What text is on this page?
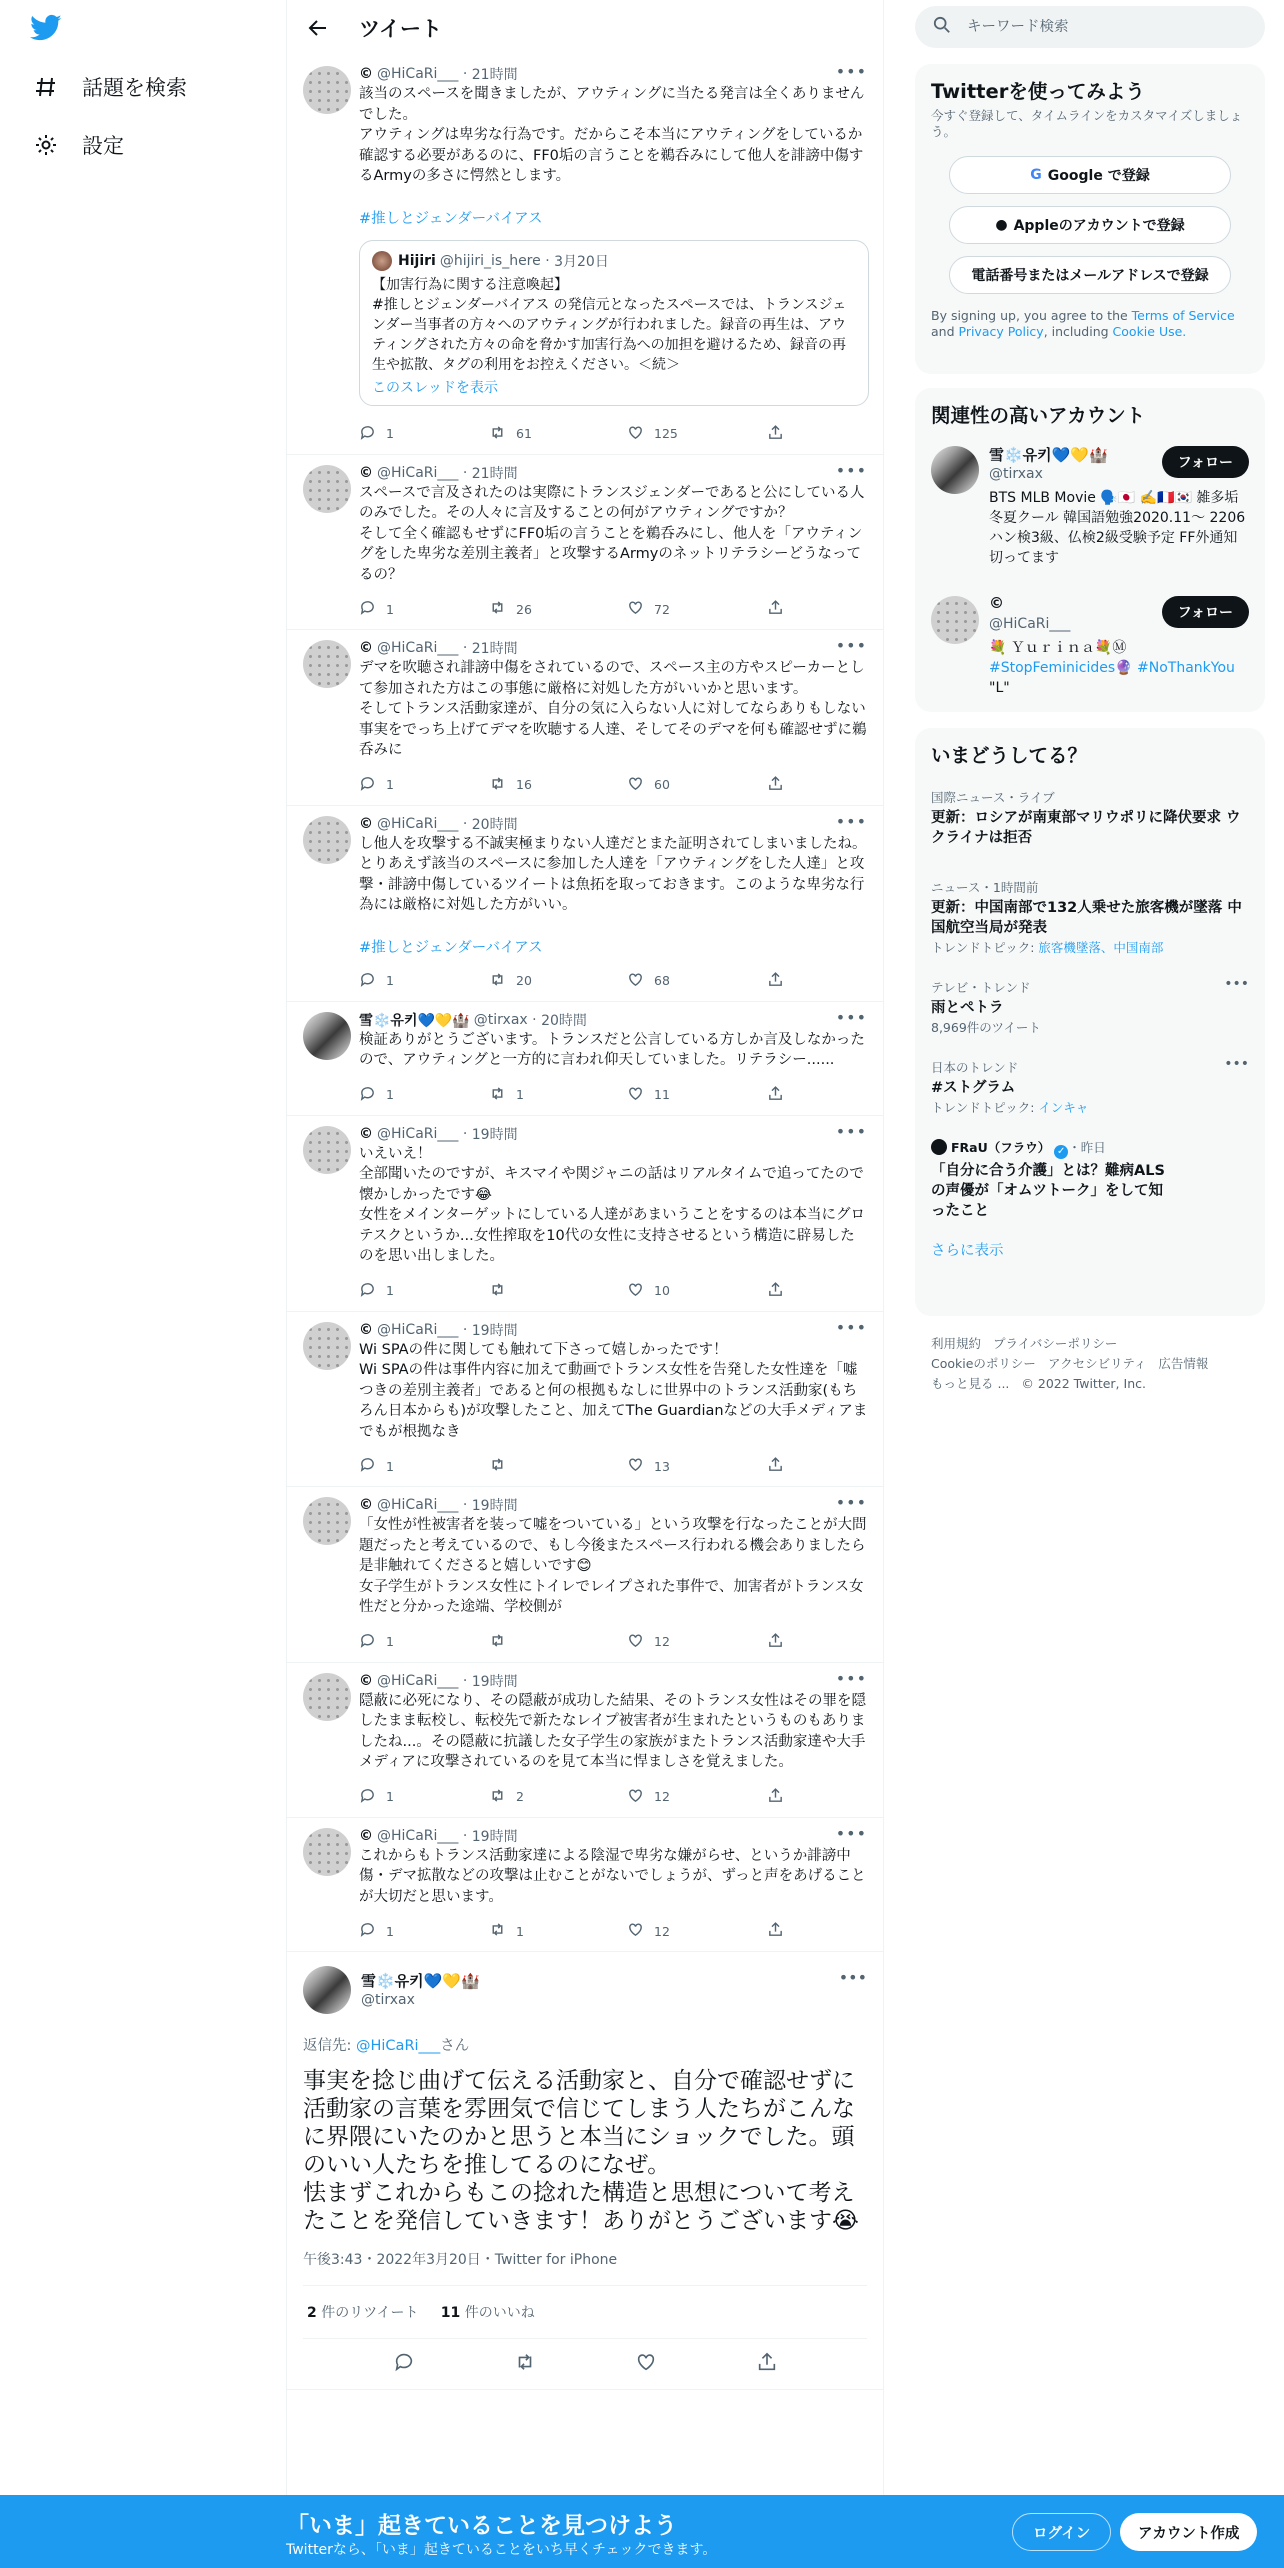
話題を検索
設定
ツイート
© @HiCaRi___ · 21時間	•••
該当のスペースを聞きましたが、アウティングに当たる発言は全くありませんでした。
アウティングは卑劣な行為です。だからこそ本当にアウティングをしているか確認する必要があるのに、FF0垢の言うことを鵜呑みにして他人を誹謗中傷するArmyの多さに愕然とします。
#推しとジェンダーバイアス
Hijiri @hijiri_is_here · 3月20日
【加害行為に関する注意喚起】
#推しとジェンダーバイアス の発信元となったスペースでは、トランスジェンダー当事者の方々へのアウティングが行われました。録音の再生は、アウティングされた方々の命を脅かす加害行為への加担を避けるため、録音の再生や拡散、タグの利用をお控えください。＜続＞
このスレッドを表示
1	61	125
© @HiCaRi___ · 21時間	•••
スペースで言及されたのは実際にトランスジェンダーであると公にしている人のみでした。その人々に言及することの何がアウティングですか？
そして全く確認もせずにFF0垢の言うことを鵜呑みにし、他人を「アウティングをした卑劣な差別主義者」と攻撃するArmyのネットリテラシーどうなってるの？
1	26	72
© @HiCaRi___ · 21時間	•••
デマを吹聴され誹謗中傷をされているので、スペース主の方やスピーカーとして参加された方はこの事態に厳格に対処した方がいいかと思います。
そしてトランス活動家達が、自分の気に入らない人に対してならありもしない事実をでっち上げてデマを吹聴する人達、そしてそのデマを何も確認せずに鵜呑みに
1	16	60
© @HiCaRi___ · 20時間	•••
し他人を攻撃する不誠実極まりない人達だとまた証明されてしまいましたね。とりあえず該当のスペースに参加した人達を「アウティングをした人達」と攻撃・誹謗中傷しているツイートは魚拓を取っておきます。このような卑劣な行為には厳格に対処した方がいい。
#推しとジェンダーバイアス
1	20	68
雪❄️유키💙💛🏰 @tirxax · 20時間	•••
検証ありがとうございます。トランスだと公言している方しか言及しなかったので、アウティングと一方的に言われ仰天していました。リテラシー......
1	1	11
© @HiCaRi___ · 19時間	•••
いえいえ！
全部聞いたのですが、キスマイや関ジャニの話はリアルタイムで追ってたので懐かしかったです😂
女性をメインターゲットにしている人達があまいうことをするのは本当にグロテスクというか...女性搾取を10代の女性に支持させるという構造に辟易したのを思い出しました。
1	10
© @HiCaRi___ · 19時間	•••
Wi SPAの件に関しても触れて下さって嬉しかったです！
Wi SPAの件は事件内容に加えて動画でトランス女性を告発した女性達を「嘘つきの差別主義者」であると何の根拠もなしに世界中のトランス活動家(もちろん日本からも)が攻撃したこと、加えてThe Guardianなどの大手メディアまでもが根拠なき
1	13
© @HiCaRi___ · 19時間	•••
「女性が性被害者を装って嘘をついている」という攻撃を行なったことが大問題だったと考えているので、もし今後またスペース行われる機会ありましたら是非触れてくださると嬉しいです😊
女子学生がトランス女性にトイレでレイプされた事件で、加害者がトランス女性だと分かった途端、学校側が
1	12
© @HiCaRi___ · 19時間	•••
隠蔽に必死になり、その隠蔽が成功した結果、そのトランス女性はその罪を隠したまま転校し、転校先で新たなレイプ被害者が生まれたというものもありましたね...。その隠蔽に抗議した女子学生の家族がまたトランス活動家達や大手メディアに攻撃されているのを見て本当に悍ましさを覚えました。
1	2	12
© @HiCaRi___ · 19時間	•••
これからもトランス活動家達による陰湿で卑劣な嫌がらせ、というか誹謗中傷・デマ拡散などの攻撃は止むことがないでしょうが、ずっと声をあげることが大切だと思います。
1	1	12
雪❄️유키💙💛🏰
@tirxax
•••
返信先: @HiCaRi___さん
事実を捻じ曲げて伝える活動家と、自分で確認せずに活動家の言葉を雰囲気で信じてしまう人たちがこんなに界隈にいたのかと思うと本当にショックでした。頭のいい人たちを推してるのになぜ。
怯まずこれからもこの捻れた構造と思想について考えたことを発信していきます！ありがとうございます😭
午後3:43・2022年3月20日・Twitter for iPhone
2 件のリツイート 11 件のいいね
キーワード検索
Twitterを使ってみよう
今すぐ登録して、タイムラインをカスタマイズしましょう。
G Google で登録
● Appleのアカウントで登録
電話番号またはメールアドレスで登録
By signing up, you agree to the Terms of Service and Privacy Policy, including Cookie Use.
関連性の高いアカウント
雪❄️유키💙💛🏰
@tirxax
BTS MLB Movie 🗣️🇯🇵 ✍️🇫🇷🇰🇷 雑多垢 冬夏クール 韓国語勉強2020.11〜 2206ハン検3級、仏検2級受験予定 FF外通知切ってます
フォロー
©
@HiCaRi___
💐 Ｙｕｒｉｎａ💐Ⓜ
#StopFeminicides🔮 #NoThankYou
"L"
フォロー
いまどうしてる？
国際ニュース・ライブ
更新：ロシアが南東部マリウポリに降伏要求 ウクライナは拒否
ニュース・1時間前
更新：中国南部で132人乗せた旅客機が墜落 中国航空当局が発表
トレンドトピック: 旅客機墜落、中国南部
テレビ・トレンド
雨とペトラ
8,969件のツイート
•••
日本のトレンド
#ストグラム
トレンドトピック: インキャ
•••
FRaU（フラウ） ✓ ・昨日
「自分に合う介護」とは？難病ALSの声優が「オムツトーク」をして知ったこと
さらに表示
利用規約 プライバシーポリシー
Cookieのポリシー アクセシビリティ 広告情報
もっと見る ... © 2022 Twitter, Inc.
「いま」起きていることを見つけよう
Twitterなら、「いま」起きていることをいち早くチェックできます。
ログイン	アカウント作成
